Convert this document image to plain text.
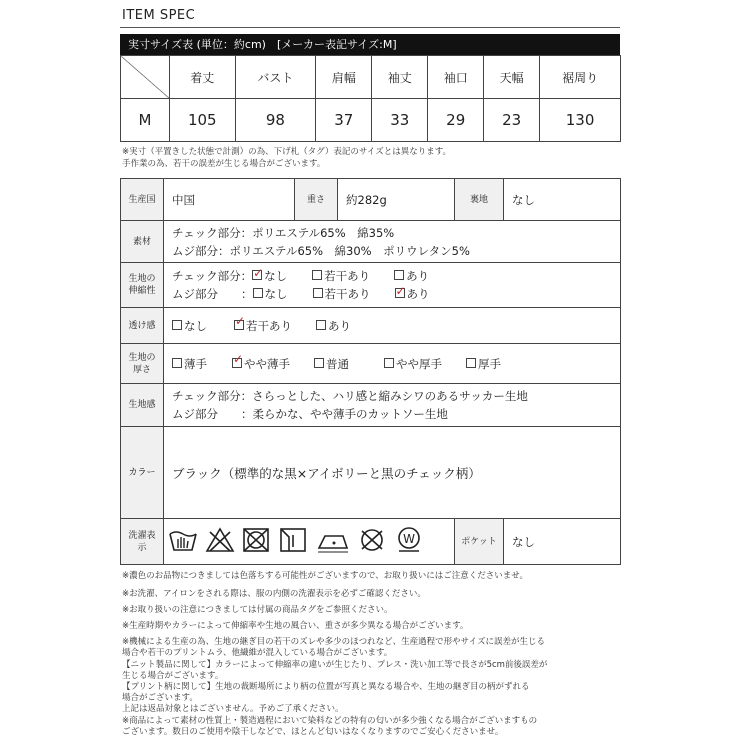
ITEM SPEC
実寸サイズ表 (単位：約cm)　[メーカー表記サイズ:M]
	着丈	バスト	肩幅	袖丈	袖口	天幅	裾周り
M	105	98	37	33	29	23	130
※実寸（平置きした状態で計測）の為、下げ札（タグ）表記のサイズとは異なります。
手作業の為、若干の誤差が生じる場合がございます。
生産国	中国	重さ	約282g	裏地	なし
素材	チェック部分：ポリエステル65%　綿35%
ムジ部分：ポリエステル65%　綿30%　ポリウレタン5%				

生地の伸縮性	チェック部分： ✓ なし 若干あり あり
ムジ部分　　： なし 若干あり ✓ あり

透け感	なし ✓ 若干あり あり
生地の厚さ	薄手 ✓ やや薄手 普通 やや厚手 厚手
生地感	チェック部分：さらっとした、ハリ感と縮みシワのあるサッカー生地
ムジ部分　　：柔らかな、やや薄手のカットソー生地				

カラー	ブラック（標準的な黒×アイボリーと黒のチェック柄）				
洗濯表示	W			ポケット	なし
※濃色のお品物につきましては色落ちする可能性がございますので、お取り扱いにはご注意くださいませ。
※お洗濯、アイロンをされる際は、服の内側の洗濯表示を必ずご確認ください。
※お取り扱いの注意につきましては付属の商品タグをご参照ください。
※生産時期やカラーによって伸縮率や生地の風合い、重さが多少異なる場合がございます。
※機械による生産の為、生地の継ぎ目の若干のズレや多少のほつれなど、生産過程で形やサイズに誤差が生じる
場合や若干のプリントムラ、他繊維が混入している場合がございます。
【ニット製品に関して】カラーによって伸縮率の違いが生じたり、プレス・洗い加工等で長さが5cm前後誤差が
生じる場合がございます。
【プリント柄に関して】生地の裁断場所により柄の位置が写真と異なる場合や、生地の継ぎ目の柄がずれる
場合がございます。
上記は返品対象とはございません。予めご了承ください。
※商品によって素材の性質上・製造過程において染料などの特有の匂いが多少強くなる場合がございますもの
ございます。数日のご使用や陰干しなどで、ほとんど匂いはなくなりますのでご安心くださいませ。
